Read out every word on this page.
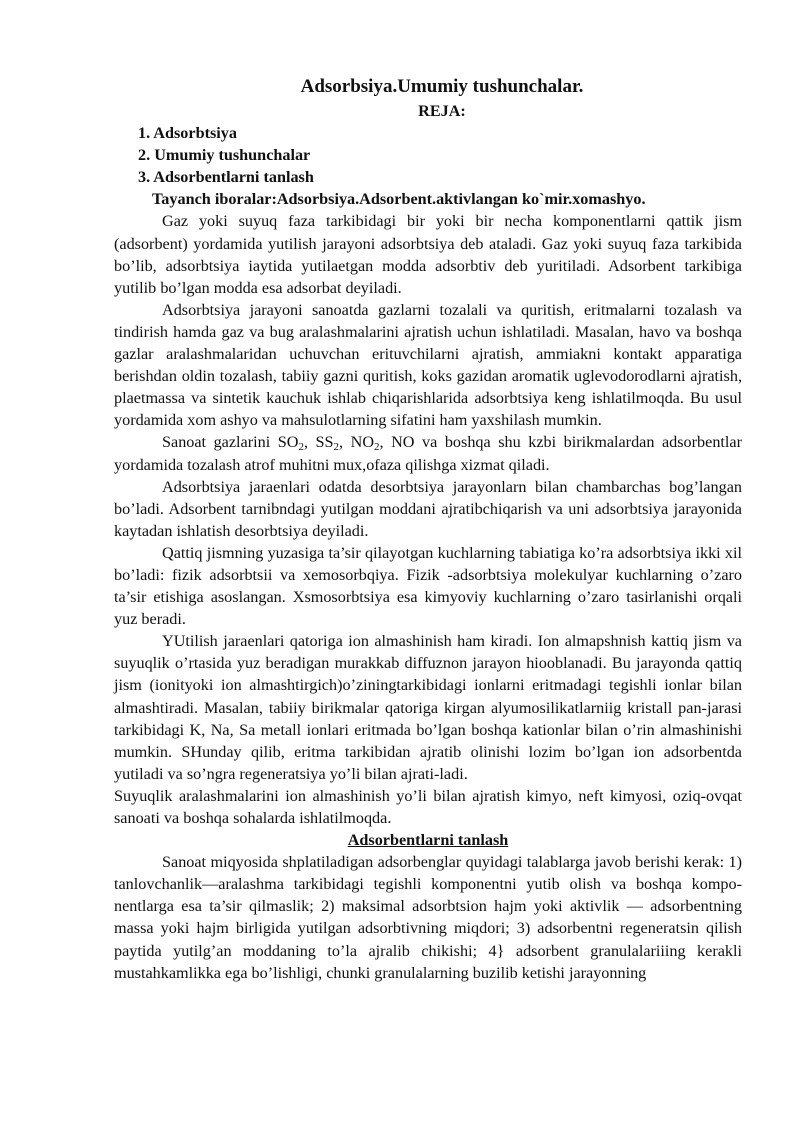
Adsorbsiya.Umumiy tushunchalar.
REJA:
1. Adsorbtsiya
2. Umumiy tushunchalar
3. Adsorbentlarni tanlash
Tayanch iboralar:Adsorbsiya.Adsorbent.aktivlangan ko`mir.xomashyo.

Gaz yoki suyuq faza tarkibidagi bir yoki bir necha komponentlarni qattik jism (adsorbent) yordamida yutilish jarayoni adsorbtsiya deb ataladi. Gaz yoki suyuq faza tarkibida bo’lib, adsorbtsiya iaytida yutilaetgan modda adsorbtiv deb yuritiladi. Adsorbent tarkibiga yutilib bo’lgan modda esa adsorbat deyiladi.

Adsorbtsiya jarayoni sanoatda gazlarni tozalali va quritish, eritmalarni tozalash va tindirish hamda gaz va bug aralashmalarini ajratish uchun ishlatiladi. Masalan, havo va boshqa gazlar aralashmalaridan uchuvchan erituvchilarni ajratish, ammiakni kontakt apparatiga berishdan oldin tozalash, tabiiy gazni quritish, koks gazidan aromatik uglevodorodlarni ajratish, plaetmassa va sintetik kauchuk ishlab chiqarishlarida adsorbtsiya keng ishlatilmoqda. Bu usul yordamida xom ashyo va mahsulotlarning sifatini ham yaxshilash mumkin.

Sanoat gazlarini $SO_2$, $SS_2$, $NO_2$, NO va boshqa shu kzbi birikmalardan adsorbentlar yordamida tozalash atrof muhitni mux,ofaza qilishga xizmat qiladi.

Adsorbtsiya jaraenlari odatda desorbtsiya jarayonlarn bilan chambarchas bog’langan bo’ladi. Adsorbent tarnibndagi yutilgan moddani ajratibchiqarish va uni adsorbtsiya jarayonida kaytadan ishlatish desorbtsiya deyiladi.

Qattiq jismning yuzasiga ta’sir qilayotgan kuchlarning tabiatiga ko’ra adsorbtsiya ikki xil bo’ladi: fizik adsorbtsii va xemosorbqiya. Fizik -adsorbtsiya molekulyar kuchlarning o’zaro ta’sir etishiga asoslangan. Xsmosorbtsiya esa kimyoviy kuchlarning o’zaro tasirlanishi orqali yuz beradi.

YUtilish jaraenlari qatoriga ion almashinish ham kiradi. Ion almapshnish kattiq jism va suyuqlik o’rtasida yuz beradigan murakkab diffuznon jarayon hiooblanadi. Bu jarayonda qattiq jism (ionityoki ion almashtirgich)o’ziningtarkibidagi ionlarni eritmadagi tegishli ionlar bilan almashtiradi. Masalan, tabiiy birikmalar qatoriga kirgan alyumosilikatlarniig kristall pan-jarasi tarkibidagi K, Na, Sa metall ionlari eritmada bo’lgan boshqa kationlar bilan o’rin almashinishi mumkin. SHunday qilib, eritma tarkibidan ajratib olinishi lozim bo’lgan ion adsorbentda yutiladi va so’ngra regeneratsiya yo’li bilan ajrati-ladi.

Suyuqlik aralashmalarini ion almashinish yo’li bilan ajratish kimyo, neft kimyosi, oziq-ovqat sanoati va boshqa sohalarda ishlatilmoqda.

Adsorbentlarni tanlash

Sanoat miqyosida shplatiladigan adsorbenglar quyidagi talablarga javob berishi kerak: 1) tanlovchanlik—aralashma tarkibidagi tegishli komponentni yutib olish va boshqa kompo-nentlarga esa ta’sir qilmaslik; 2) maksimal adsorbtsion hajm yoki aktivlik — adsorbentning massa yoki hajm birligida yutilgan adsorbtivning miqdori; 3) adsorbentni regeneratsin qilish paytida yutilg’an moddaning to’la ajralib chikishi; 4} adsorbent granulalariiing kerakli mustahkamlikka ega bo’lishligi, chunki granulalarning buzilib ketishi jarayonning
